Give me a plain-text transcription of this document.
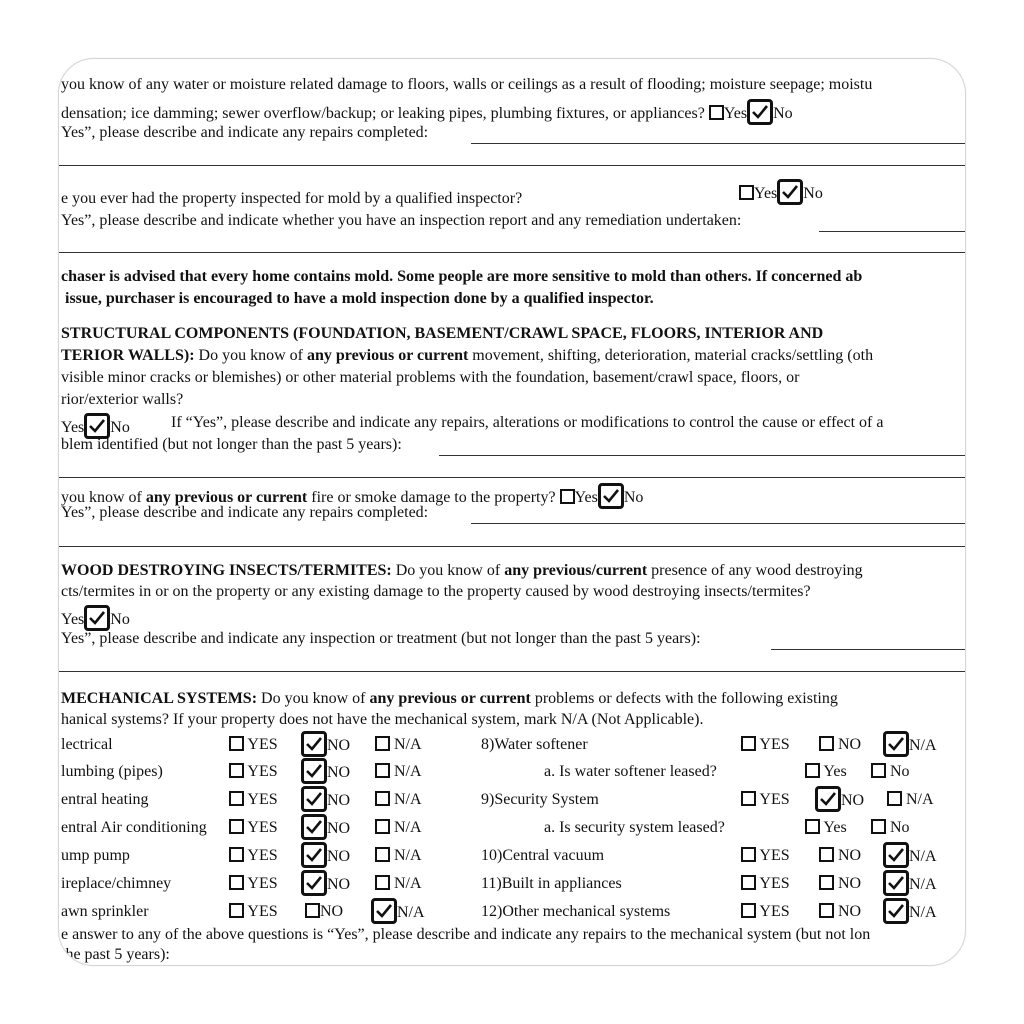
you know of any water or moisture related damage to floors, walls or ceilings as a result of flooding; moisture seepage; moistu
densation; ice damming; sewer overflow/backup; or leaking pipes, plumbing fixtures, or appliances? Yes No
Yes”, please describe and indicate any repairs completed:
e you ever had the property inspected for mold by a qualified inspector?	Yes No
Yes”, please describe and indicate whether you have an inspection report and any remediation undertaken:
chaser is advised that every home contains mold. Some people are more sensitive to mold than others. If concerned ab
issue, purchaser is encouraged to have a mold inspection done by a qualified inspector.
STRUCTURAL COMPONENTS (FOUNDATION, BASEMENT/CRAWL SPACE, FLOORS, INTERIOR AND
TERIOR WALLS): Do you know of any previous or current movement, shifting, deterioration, material cracks/settling (oth
visible minor cracks or blemishes) or other material problems with the foundation, basement/crawl space, floors, or
rior/exterior walls?
Yes No	If “Yes”, please describe and indicate any repairs, alterations or modifications to control the cause or effect of a
blem identified (but not longer than the past 5 years):
you know of any previous or current fire or smoke damage to the property? Yes No
Yes”, please describe and indicate any repairs completed:
WOOD DESTROYING INSECTS/TERMITES: Do you know of any previous/current presence of any wood destroying
cts/termites in or on the property or any existing damage to the property caused by wood destroying insects/termites?
Yes No
Yes”, please describe and indicate any inspection or treatment (but not longer than the past 5 years):
MECHANICAL SYSTEMS: Do you know of any previous or current problems or defects with the following existing
hanical systems? If your property does not have the mechanical system, mark N/A (Not Applicable).
lectrical	YES	NO	N/A	8)Water softener	YES	NO	N/A
lumbing (pipes)	YES	NO	N/A	a. Is water softener leased?	Yes	No
entral heating	YES	NO	N/A	9)Security System	YES	NO	N/A
entral Air conditioning	YES	NO	N/A	a. Is security system leased?	Yes	No
ump pump	YES	NO	N/A	10)Central vacuum	YES	NO	N/A
ireplace/chimney	YES	NO	N/A	11)Built in appliances	YES	NO	N/A
awn sprinkler	YES	NO	N/A	12)Other mechanical systems	YES	NO	N/A
e answer to any of the above questions is “Yes”, please describe and indicate any repairs to the mechanical system (but not lon
the past 5 years):
